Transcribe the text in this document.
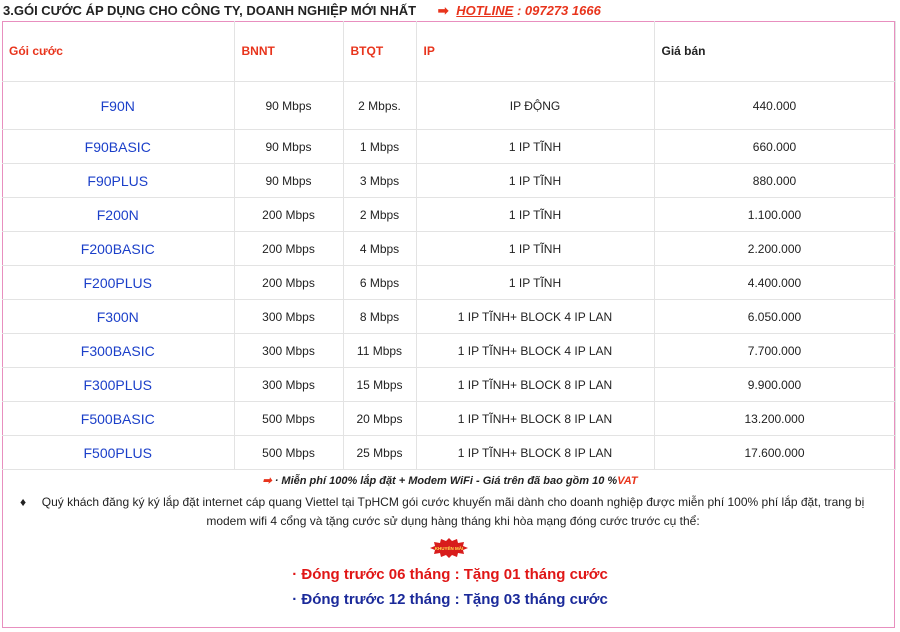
3.GÓI CƯỚC ÁP DỤNG CHO CÔNG TY, DOANH NGHIỆP MỚI NHẤT ➡ HOTLINE : 097273 1666
Gói cước	BNNT	BTQT	IP	Giá bán
F90N	90 Mbps	2 Mbps.	IP ĐỘNG	440.000
F90BASIC	90 Mbps	1 Mbps	1 IP TĨNH	660.000
F90PLUS	90 Mbps	3 Mbps	1 IP TĨNH	880.000
F200N	200 Mbps	2 Mbps	1 IP TĨNH	1.100.000
F200BASIC	200 Mbps	4 Mbps	1 IP TĨNH	2.200.000
F200PLUS	200 Mbps	6 Mbps	1 IP TĨNH	4.400.000
F300N	300 Mbps	8 Mbps	1 IP TĨNH+ BLOCK 4 IP LAN	6.050.000
F300BASIC	300 Mbps	11 Mbps	1 IP TĨNH+ BLOCK 4 IP LAN	7.700.000
F300PLUS	300 Mbps	15 Mbps	1 IP TĨNH+ BLOCK 8 IP LAN	9.900.000
F500BASIC	500 Mbps	20 Mbps	1 IP TĨNH+ BLOCK 8 IP LAN	13.200.000
F500PLUS	500 Mbps	25 Mbps	1 IP TĨNH+ BLOCK 8 IP LAN	17.600.000
➡ · Miễn phí 100% lắp đặt + Modem WiFi - Giá trên đã bao gồm 10 %VAT
♦	Quý khách đăng ký ký lắp đặt internet cáp quang Viettel tại TpHCM gói cước khuyến mãi dành cho doanh nghiệp được miễn phí 100% phí lắp đặt, trang bị modem wifi 4 cổng và tặng cước sử dụng hàng tháng khi hòa mạng đóng cước trước cụ thể:
KHUYẾN MÃI
· Đóng trước 06 tháng : Tặng 01 tháng cước
· Đóng trước 12 tháng : Tặng 03 tháng cước
